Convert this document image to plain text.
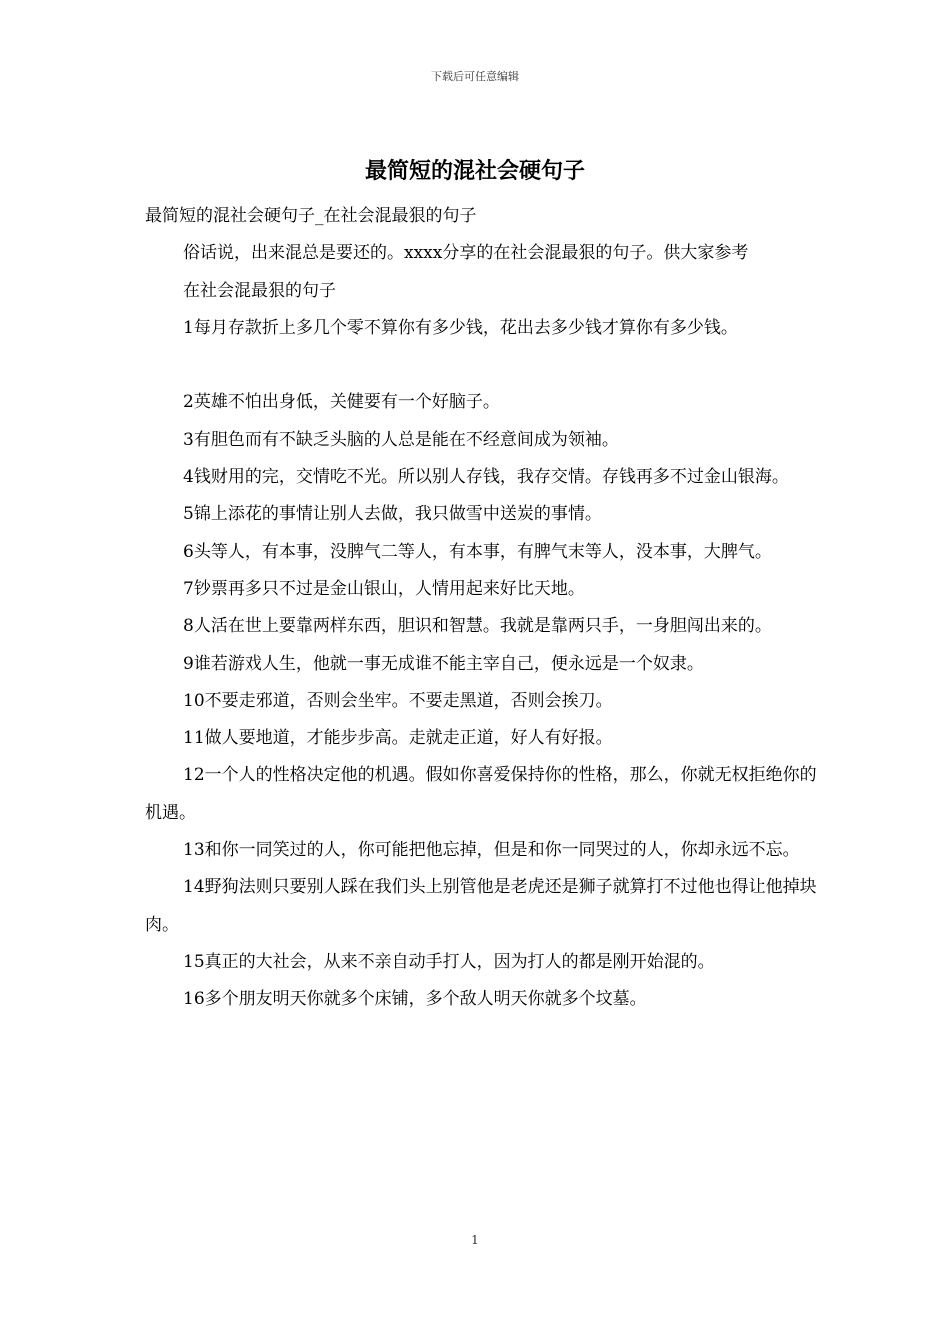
下载后可任意编辑
最简短的混社会硬句子

最简短的混社会硬句子_在社会混最狠的句子

俗话说，出来混总是要还的。xxxx分享的在社会混最狠的句子。供大家参考

在社会混最狠的句子

1每月存款折上多几个零不算你有多少钱，花出去多少钱才算你有多少钱。

2英雄不怕出身低，关健要有一个好脑子。

3有胆色而有不缺乏头脑的人总是能在不经意间成为领袖。

4钱财用的完，交情吃不光。所以别人存钱，我存交情。存钱再多不过金山银海。

5锦上添花的事情让别人去做，我只做雪中送炭的事情。

6头等人，有本事，没脾气二等人，有本事，有脾气末等人，没本事，大脾气。

7钞票再多只不过是金山银山，人情用起来好比天地。

8人活在世上要靠两样东西，胆识和智慧。我就是靠两只手，一身胆闯出来的。

9谁若游戏人生，他就一事无成谁不能主宰自己，便永远是一个奴隶。

10不要走邪道，否则会坐牢。不要走黑道，否则会挨刀。

11做人要地道，才能步步高。走就走正道，好人有好报。

12一个人的性格决定他的机遇。假如你喜爱保持你的性格，那么，你就无权拒绝你的机遇。

13和你一同笑过的人，你可能把他忘掉，但是和你一同哭过的人，你却永远不忘。

14野狗法则只要别人踩在我们头上别管他是老虎还是狮子就算打不过他也得让他掉块肉。

15真正的大社会，从来不亲自动手打人，因为打人的都是刚开始混的。

16多个朋友明天你就多个床铺，多个敌人明天你就多个坟墓。

1
